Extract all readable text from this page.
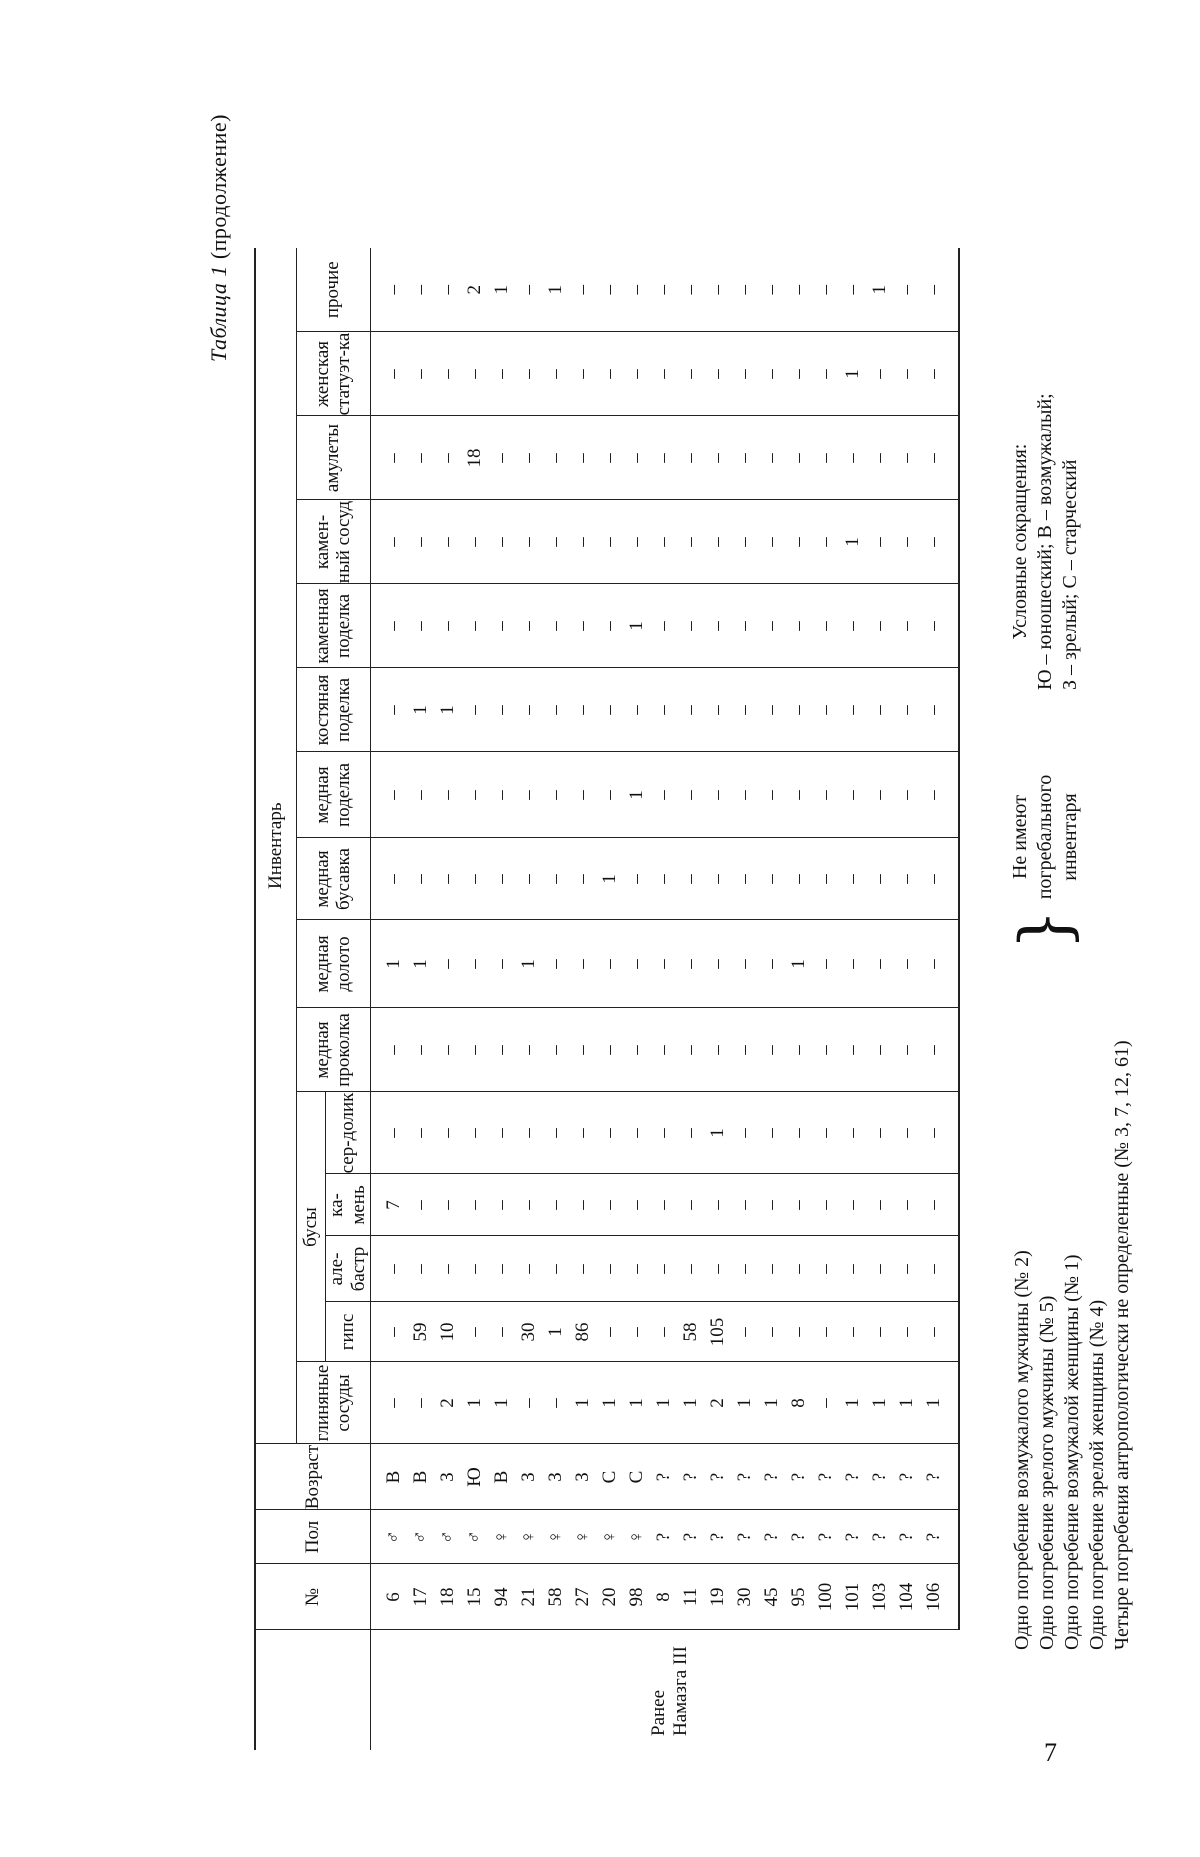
Таблица 1 (продолжение)
	№	Пол	Возраст	Инвентарь														
				глиняные сосуды	бусы				медная проколка	медная долото	медная бусавка	медная поделка	костяная поделка	каменная поделка	камен-ный сосуд	амулеты	женская статуэт-ка	прочие
					гипс	але-бастр	ка-мень	сер-долик										
Ранее Намазга III	6	♂	В	–	–	–	7	–	–	1	–	–	–	–	–	–	–	–
	17	♂	В	–	59	–	–	–	–	1	–	–	1	–	–	–	–	–
	18	♂	З	2	10	–	–	–	–	–	–	–	1	–	–	–	–	–
	15	♂	Ю	1	–	–	–	–	–	–	–	–	–	–	–	18	–	2
	94	♀	В	1	–	–	–	–	–	–	–	–	–	–	–	–	–	1
	21	♀	З	–	30	–	–	–	–	1	–	–	–	–	–	–	–	–
	58	♀	З	–	1	–	–	–	–	–	–	–	–	–	–	–	–	1
	27	♀	З	1	86	–	–	–	–	–	–	–	–	–	–	–	–	–
	20	♀	С	1	–	–	–	–	–	–	1	–	–	–	–	–	–	–
	98	♀	С	1	–	–	–	–	–	–	–	1	–	1	–	–	–	–
	8	?	?	1	–	–	–	–	–	–	–	–	–	–	–	–	–	–
	11	?	?	1	58	–	–	–	–	–	–	–	–	–	–	–	–	–
	19	?	?	2	105	–	–	1	–	–	–	–	–	–	–	–	–	–
	30	?	?	1	–	–	–	–	–	–	–	–	–	–	–	–	–	–
	45	?	?	1	–	–	–	–	–	–	–	–	–	–	–	–	–	–
	95	?	?	8	–	–	–	–	–	1	–	–	–	–	–	–	–	–
	100	?	?	–	–	–	–	–	–	–	–	–	–	–	–	–	–	–
	101	?	?	1	–	–	–	–	–	–	–	–	–	–	1	–	1	–
	103	?	?	1	–	–	–	–	–	–	–	–	–	–	–	–	–	1
	104	?	?	1	–	–	–	–	–	–	–	–	–	–	–	–	–	–
	106	?	?	1	–	–	–	–	–	–	–	–	–	–	–	–	–	–
Одно погребение возмужалого мужчины (№ 2) Одно погребение зрелого мужчины (№ 5) Одно погребение возмужалой женщины (№ 1) Одно погребение зрелой женщины (№ 4) Четыре погребения антропологически не определенные (№ 3, 7, 12, 61)
}
Не имеют погребального инвентаря
Условные сокращения: Ю – юношеский; В – возмужалый; З – зрелый; С – старческий
7
